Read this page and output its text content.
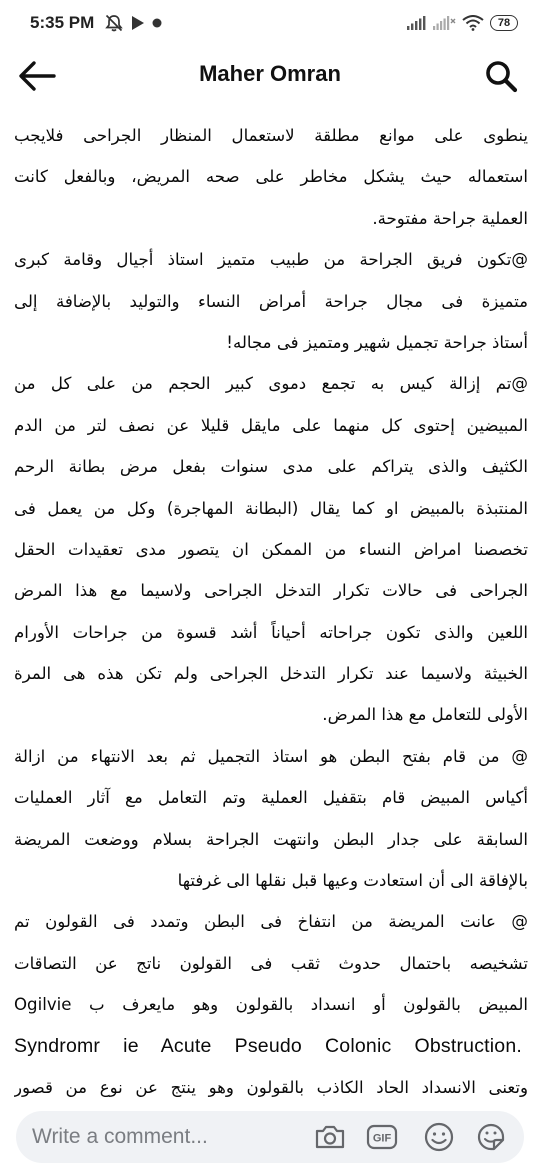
5:35 PM	78
Maher Omran
ينطوى على موانع مطلقة لاستعمال المنظار الجراحى فلايجب
استعماله حيث يشكل مخاطر على صحه المريض، وبالفعل كانت
العملية جراحة مفتوحة.
@تكون فريق الجراحة من طبيب متميز استاذ أجيال وقامة كبرى
متميزة فى مجال جراحة أمراض النساء والتوليد بالإضافة إلى
أستاذ جراحة تجميل شهير ومتميز فى مجاله!
@تم إزالة كيس به تجمع دموى كبير الحجم من على كل من
المبيضين إحتوى كل منهما على مايقل قليلا عن نصف لتر من الدم
الكثيف والذى يتراكم على مدى سنوات بفعل مرض بطانة الرحم
المنتبذة بالمبيض او كما يقال (البطانة المهاجرة) وكل من يعمل فى
تخصصنا امراض النساء من الممكن ان يتصور مدى تعقيدات الحقل
الجراحى فى حالات تكرار التدخل الجراحى ولاسيما مع هذا المرض
اللعين والذى تكون جراحاته أحياناً أشد قسوة من جراحات الأورام
الخبيثة ولاسيما عند تكرار التدخل الجراحى ولم تكن هذه هى المرة
الأولى للتعامل مع هذا المرض.
@ من قام بفتح البطن هو استاذ التجميل ثم بعد الانتهاء من ازالة
أكياس المبيض قام بتقفيل العملية وتم التعامل مع آثار العمليات
السابقة على جدار البطن وانتهت الجراحة بسلام ووضعت المريضة
بالإفاقة الى أن استعادت وعيها قبل نقلها الى غرفتها
@ عانت المريضة من انتفاخ فى البطن وتمدد فى القولون تم
تشخيصه باحتمال حدوث ثقب فى القولون ناتج عن التصاقات
المبيض بالقولون أو انسداد بالقولون وهو مايعرف ب Ogilvie
Syndromr ie Acute Pseudo Colonic Obstruction.
وتعنى الانسداد الحاد الكاذب بالقولون وهو ينتج عن نوع من قصور
Write a comment...
GIF
